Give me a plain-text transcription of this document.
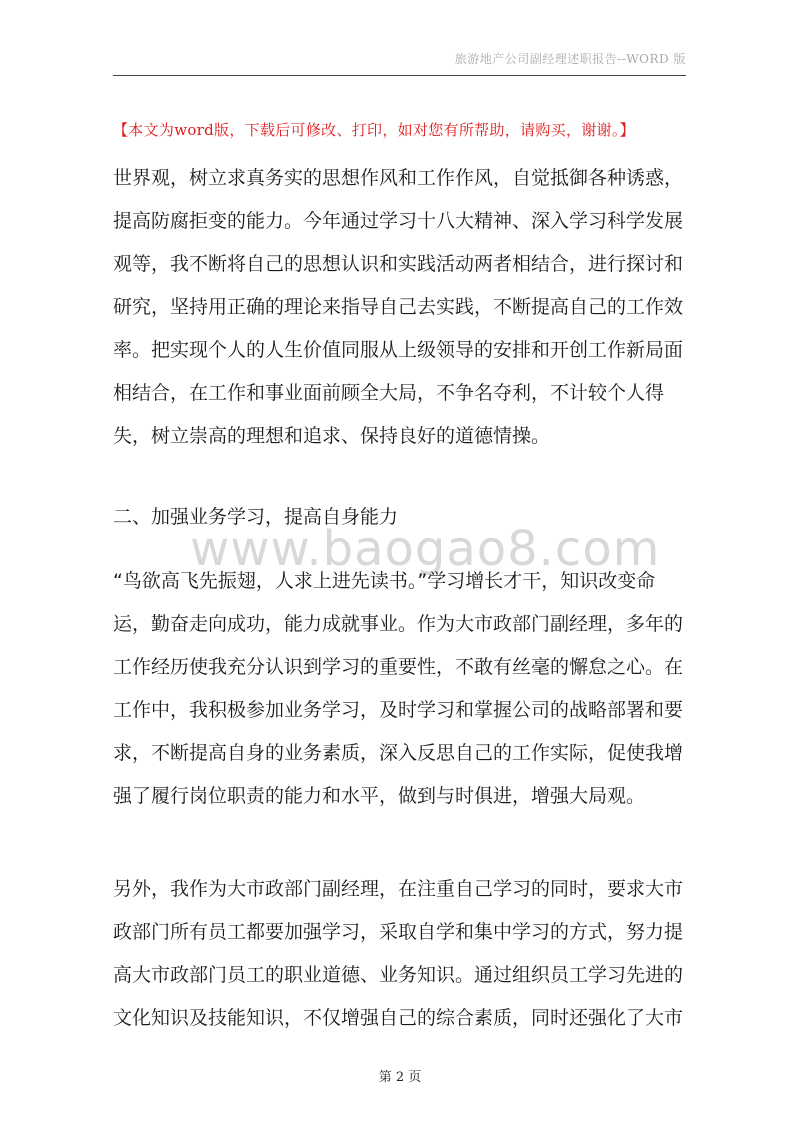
旅游地产公司副经理述职报告--WORD 版
【本文为word版，下载后可修改、打印，如对您有所帮助，请购买，谢谢。】

世界观，树立求真务实的思想作风和工作作风，自觉抵御各种诱惑，提高防腐拒变的能力。今年通过学习十八大精神、深入学习科学发展观等，我不断将自己的思想认识和实践活动两者相结合，进行探讨和研究，坚持用正确的理论来指导自己去实践，不断提高自己的工作效率。把实现个人的人生价值同服从上级领导的安排和开创工作新局面相结合，在工作和事业面前顾全大局，不争名夺利，不计较个人得失，树立崇高的理想和追求、保持良好的道德情操。

二、加强业务学习，提高自身能力

www.baogao8.com

“鸟欲高飞先振翅，人求上进先读书。”学习增长才干，知识改变命运，勤奋走向成功，能力成就事业。作为大市政部门副经理，多年的工作经历使我充分认识到学习的重要性，不敢有丝毫的懈怠之心。在工作中，我积极参加业务学习，及时学习和掌握公司的战略部署和要求，不断提高自身的业务素质，深入反思自己的工作实际，促使我增强了履行岗位职责的能力和水平，做到与时俱进，增强大局观。

另外，我作为大市政部门副经理，在注重自己学习的同时，要求大市政部门所有员工都要加强学习，采取自学和集中学习的方式，努力提高大市政部门员工的职业道德、业务知识。通过组织员工学习先进的文化知识及技能知识，不仅增强自己的综合素质，同时还强化了大市

第 2 页
